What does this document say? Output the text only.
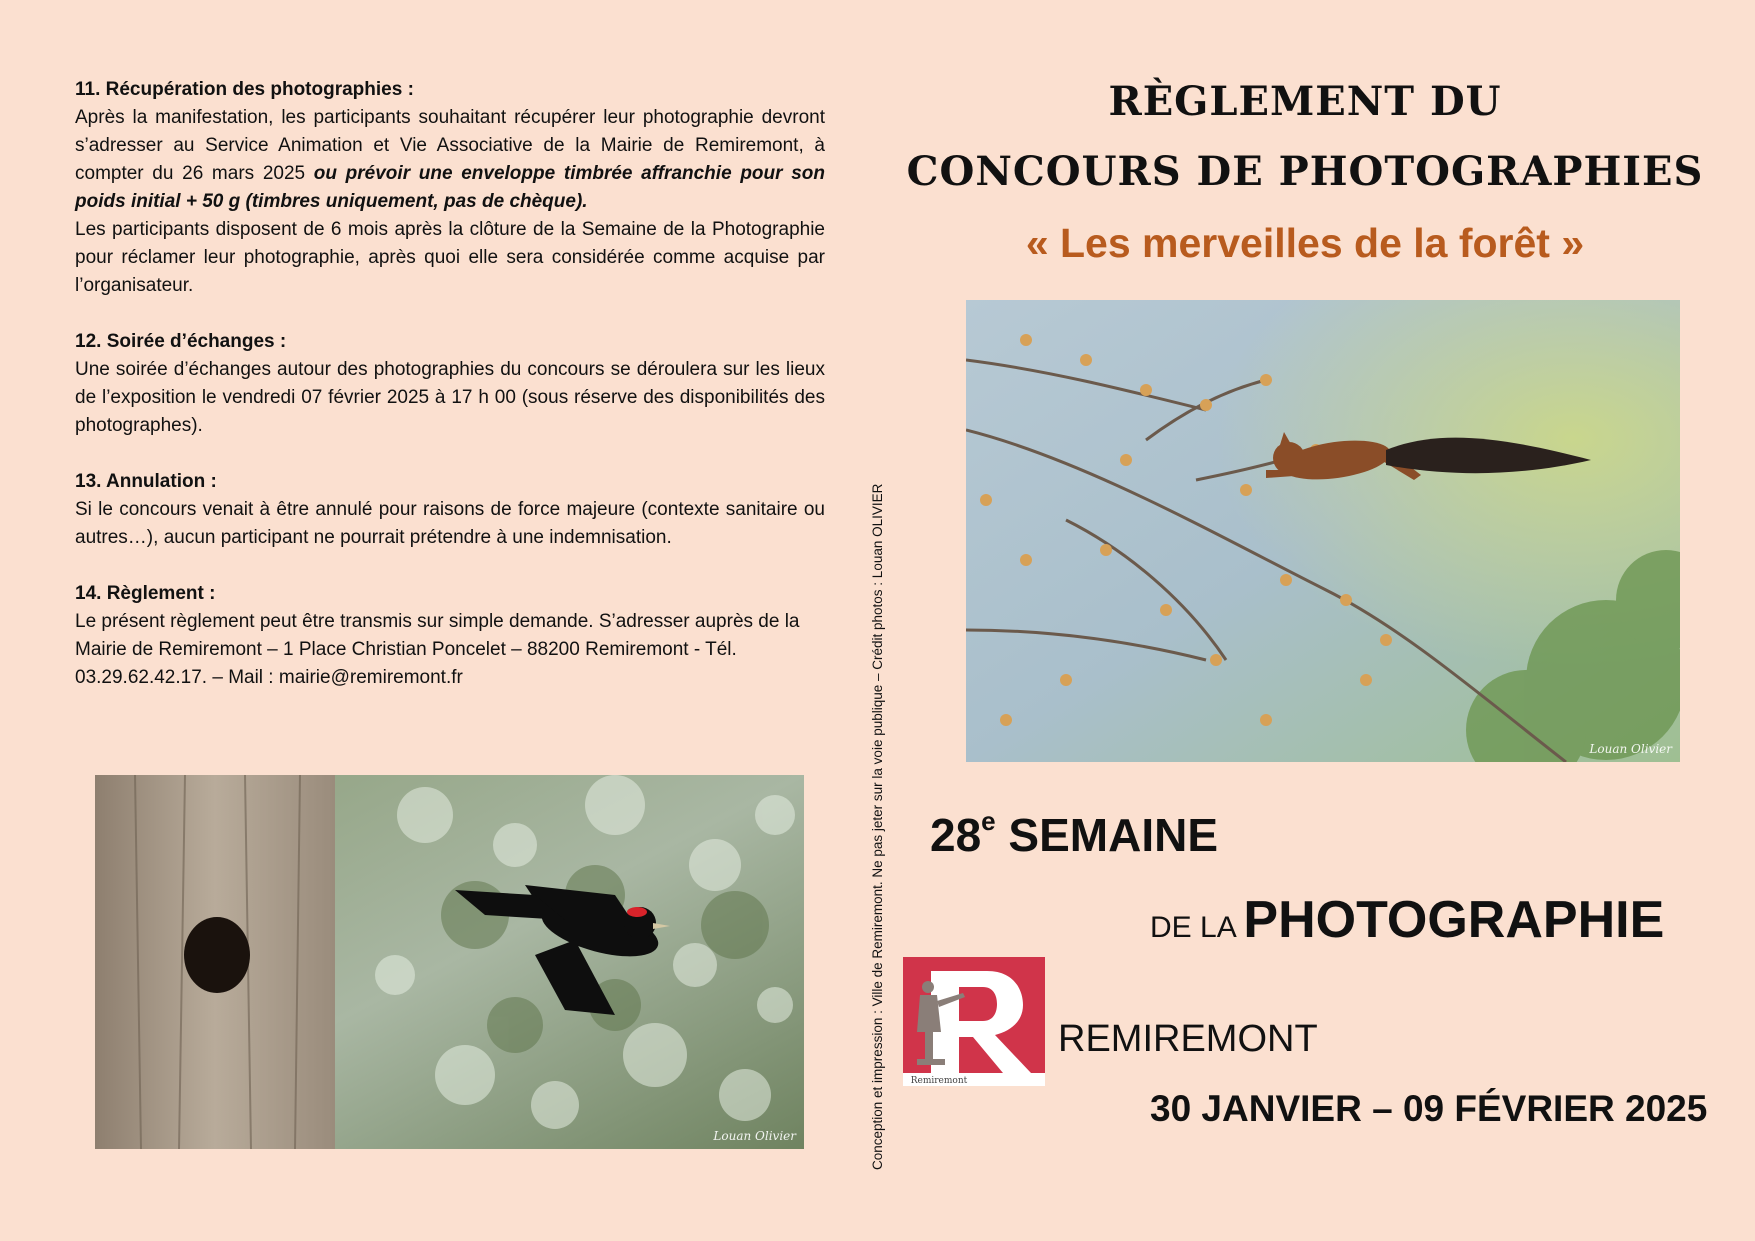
11. Récupération des photographies :

Après la manifestation, les participants souhaitant récupérer leur photographie devront s’adresser au Service Animation et Vie Associative de la Mairie de Remiremont, à compter du 26 mars 2025 ou prévoir une enveloppe timbrée affranchie pour son poids initial + 50 g (timbres uniquement, pas de chèque).

Les participants disposent de 6 mois après la clôture de la Semaine de la Photographie pour réclamer leur photographie, après quoi elle sera considérée comme acquise par l’organisateur.

12. Soirée d’échanges :

Une soirée d’échanges autour des photographies du concours se déroulera sur les lieux de l’exposition le vendredi 07 février 2025 à 17 h 00 (sous réserve des disponibilités des photographes).

13. Annulation :

Si le concours venait à être annulé pour raisons de force majeure (contexte sanitaire ou autres…), aucun participant ne pourrait prétendre à une indemnisation.

14. Règlement :

Le présent règlement peut être transmis sur simple demande. S’adresser auprès de la Mairie de Remiremont – 1 Place Christian Poncelet – 88200 Remiremont - Tél. 03.29.62.42.17. – Mail : mairie@remiremont.fr

Louan Olivier	Conception et impression : Ville de Remiremont. Ne pas jeter sur la voie publique – Crédit photos : Louan OLIVIER
RÈGLEMENT DU
CONCOURS DE PHOTOGRAPHIES
« Les merveilles de la forêt »
Louan Olivier
28e SEMAINE
DE LA PHOTOGRAPHIE
Remiremont
REMIREMONT
30 JANVIER – 09 FÉVRIER 2025
